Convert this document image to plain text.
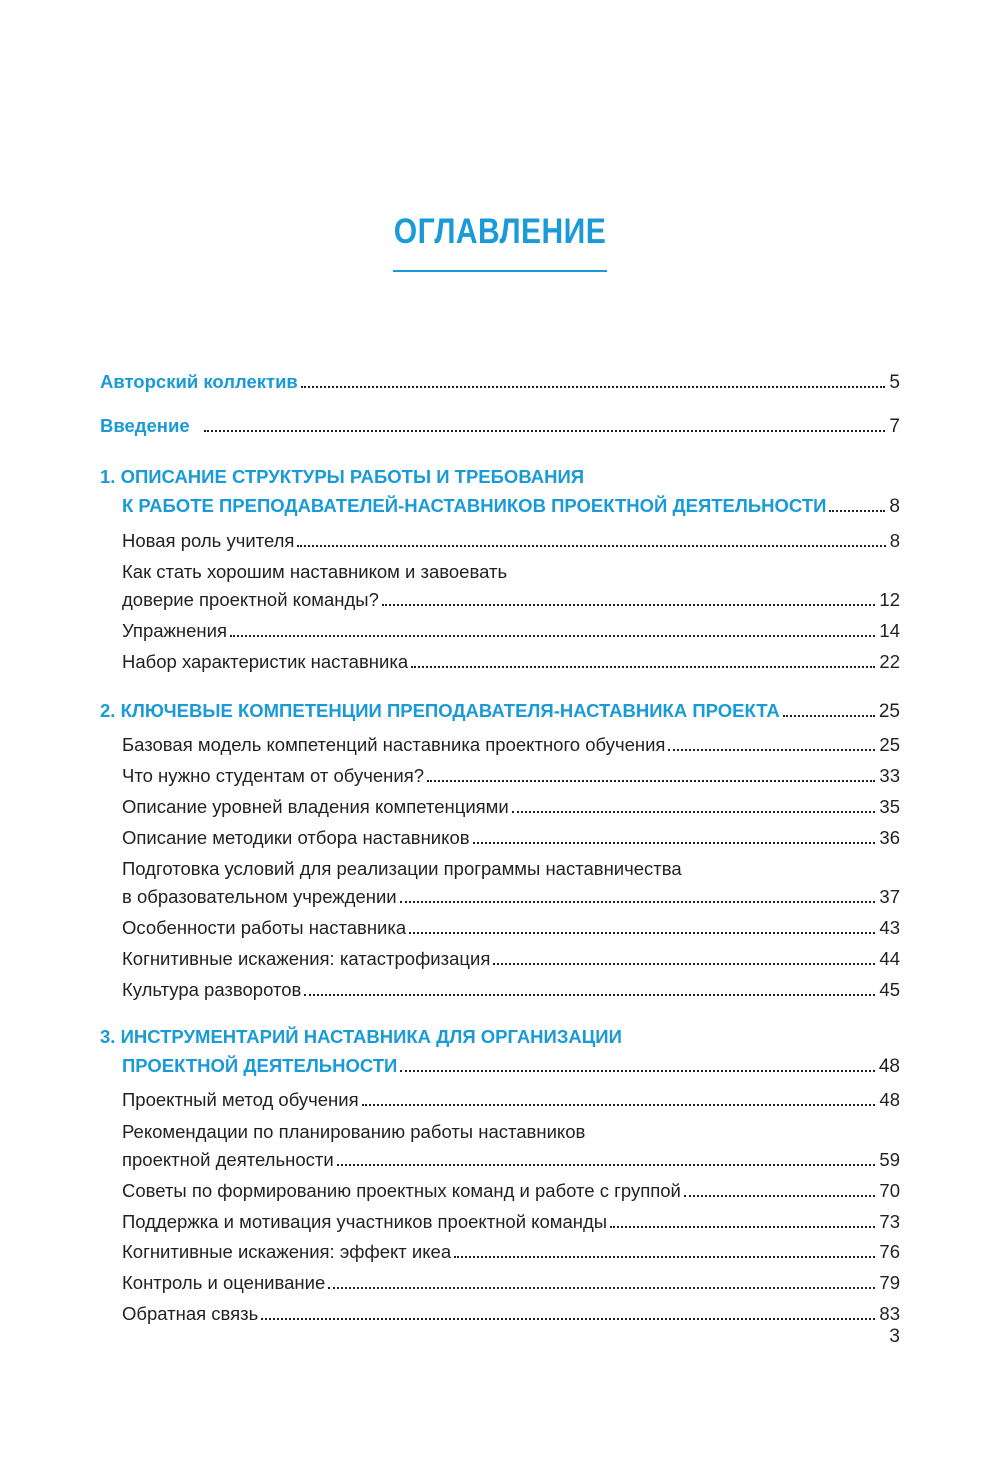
ОГЛАВЛЕНИЕ
Авторский коллектив	5
Введение	7
1. ОПИСАНИЕ СТРУКТУРЫ РАБОТЫ И ТРЕБОВАНИЯ
К РАБОТЕ ПРЕПОДАВАТЕЛЕЙ-НАСТАВНИКОВ ПРОЕКТНОЙ ДЕЯТЕЛЬНОСТИ	8
Новая роль учителя	8
Как стать хорошим наставником и завоевать
доверие проектной команды?	12
Упражнения	14
Набор характеристик наставника	22
2. КЛЮЧЕВЫЕ КОМПЕТЕНЦИИ ПРЕПОДАВАТЕЛЯ-НАСТАВНИКА ПРОЕКТА	25
Базовая модель компетенций наставника проектного обучения	25
Что нужно студентам от обучения?	33
Описание уровней владения компетенциями	35
Описание методики отбора наставников	36
Подготовка условий для реализации программы наставничества
в образовательном учреждении	37
Особенности работы наставника	43
Когнитивные искажения: катастрофизация	44
Культура разворотов	45
3. ИНСТРУМЕНТАРИЙ НАСТАВНИКА ДЛЯ ОРГАНИЗАЦИИ
ПРОЕКТНОЙ ДЕЯТЕЛЬНОСТИ	48
Проектный метод обучения	48
Рекомендации по планированию работы наставников
проектной деятельности	59
Советы по формированию проектных команд и работе с группой	70
Поддержка и мотивация участников проектной команды	73
Когнитивные искажения: эффект икеа	76
Контроль и оценивание	79
Обратная связь	83
3
